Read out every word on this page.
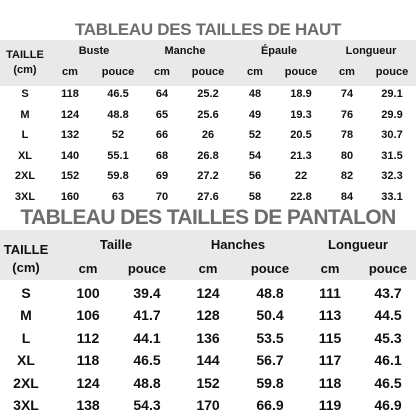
TABLEAU DES TAILLES DE HAUT
TAILLE
(cm)
Buste	Manche	Épaule	Longueur
cm	pouce	cm	pouce	cm	pouce	cm	pouce
S	118	46.5	64	25.2	48	18.9	74	29.1
M	124	48.8	65	25.6	49	19.3	76	29.9
L	132	52	66	26	52	20.5	78	30.7
XL	140	55.1	68	26.8	54	21.3	80	31.5
2XL	152	59.8	69	27.2	56	22	82	32.3
3XL	160	63	70	27.6	58	22.8	84	33.1
TABLEAU DES TAILLES DE PANTALON
TAILLE
(cm)
Taille	Hanches	Longueur
cm	pouce	cm	pouce	cm	pouce
S	100	39.4	124	48.8	111	43.7
M	106	41.7	128	50.4	113	44.5
L	112	44.1	136	53.5	115	45.3
XL	118	46.5	144	56.7	117	46.1
2XL	124	48.8	152	59.8	118	46.5
3XL	138	54.3	170	66.9	119	46.9
